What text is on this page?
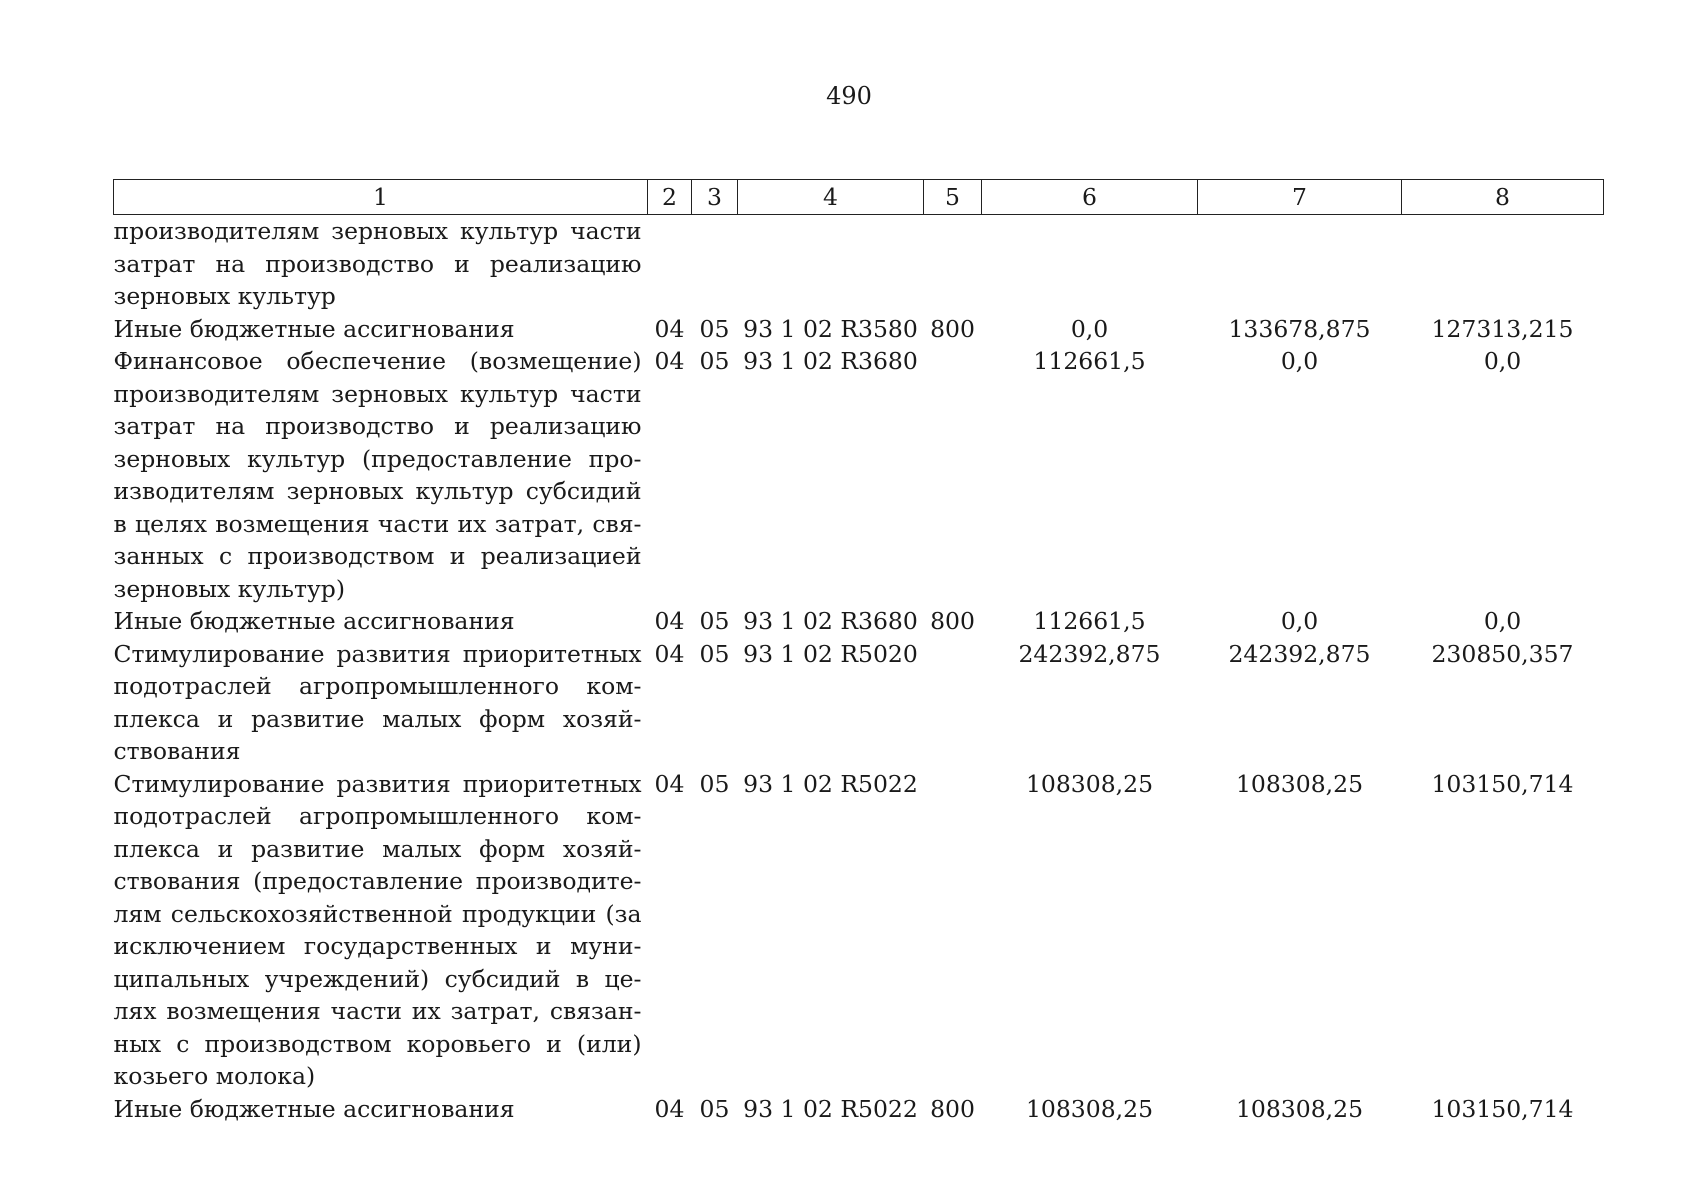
490
1	2	3	4	5	6	7	8
производителям зерновых культур части затрат на производство и реализацию зерновых культур							
Иные бюджетные ассигнования	04	05	93 1 02 R3580	800	0,0	133678,875	127313,215
Финансовое обеспечение (возмещение) производителям зерновых культур части затрат на производство и реализацию зерновых культур (предоставление производителям зерновых культур субсидий в целях возмещения части их затрат, связанных с производством и реализацией зерновых культур)	04	05	93 1 02 R3680		112661,5	0,0	0,0
Иные бюджетные ассигнования	04	05	93 1 02 R3680	800	112661,5	0,0	0,0
Стимулирование развития приоритетных подотраслей агропромышленного комплекса и развитие малых форм хозяйствования	04	05	93 1 02 R5020		242392,875	242392,875	230850,357
Стимулирование развития приоритетных подотраслей агропромышленного комплекса и развитие малых форм хозяйствования (предоставление производителям сельскохозяйственной продукции (за исключением государственных и муниципальных учреждений) субсидий в целях возмещения части их затрат, связанных с производством коровьего и (или) козьего молока)	04	05	93 1 02 R5022		108308,25	108308,25	103150,714
Иные бюджетные ассигнования	04	05	93 1 02 R5022	800	108308,25	108308,25	103150,714
